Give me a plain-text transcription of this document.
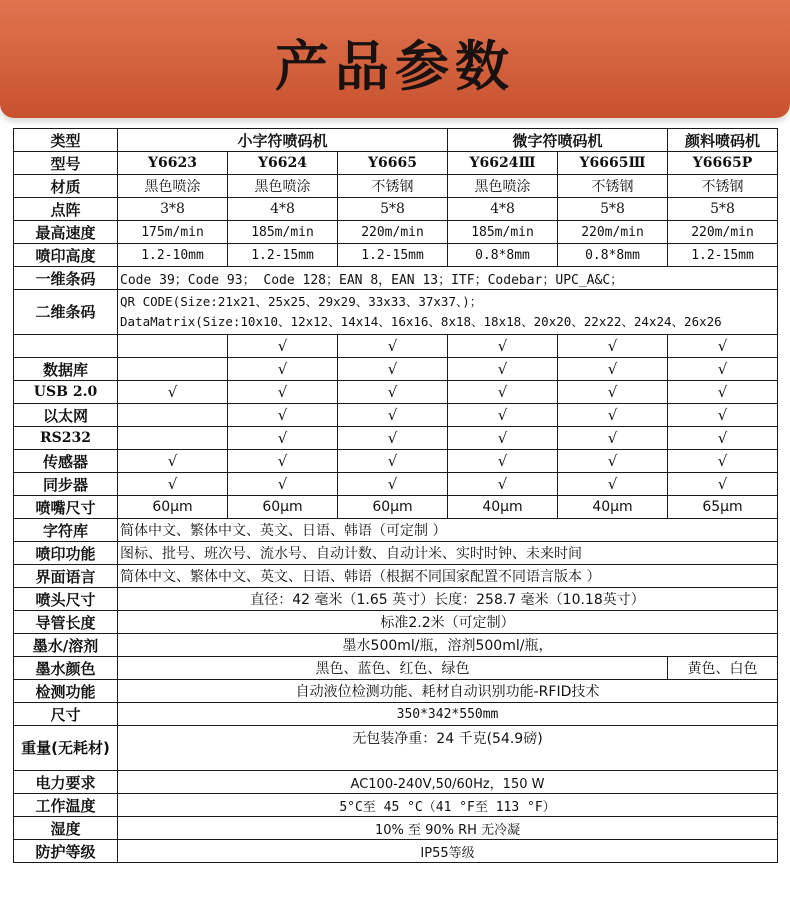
产品参数
类型	小字符喷码机			微字符喷码机		颜料喷码机
型号	Y6623	Y6624	Y6665	Y6624Ⅲ	Y6665Ⅲ	Y6665P
材质	黑色喷涂	黑色喷涂	不锈钢	黑色喷涂	不锈钢	不锈钢
点阵	3*8	4*8	5*8	4*8	5*8	5*8
最高速度	175m/min	185m/min	220m/min	185m/min	220m/min	220m/min
喷印高度	1.2-10mm	1.2-15mm	1.2-15mm	0.8*8mm	0.8*8mm	1.2-15mm
一维条码	Code 39；Code 93； Code 128；EAN 8，EAN 13；ITF；Codebar；UPC_A&C；					
二维条码	QR CODE(Size:21x21、25x25、29x29、33x33、37x37、)；
DataMatrix(Size:10x10、12x12、14x14、16x16、8x18、18x18、20x20、22x22、24x24、26x26					

		√	√	√	√	√
数据库		√	√	√	√	√
USB 2.0	√	√	√	√	√	√
以太网		√	√	√	√	√
RS232		√	√	√	√	√
传感器	√	√	√	√	√	√
同步器	√	√	√	√	√	√
喷嘴尺寸	60μm	60μm	60μm	40μm	40μm	65μm
字符库	简体中文、繁体中文、英文、日语、韩语（可定制 ）					
喷印功能	图标、批号、班次号、流水号、自动计数、自动计米、实时时钟、未来时间					
界面语言	简体中文、繁体中文、英文、日语、韩语（根据不同国家配置不同语言版本 ）					
喷头尺寸	直径：42 毫米（1.65 英寸）长度：258.7 毫米（10.18英寸）					
导管长度	标准2.2米（可定制）					
墨水/溶剂	墨水500ml/瓶，溶剂500ml/瓶，					
墨水颜色	黑色、蓝色、红色、绿色					黄色、白色
检测功能	自动液位检测功能、耗材自动识别功能-RFID技术					
尺寸	350*342*550mm					
重量(无耗材)	无包装净重：24 千克(54.9磅)					
电力要求	AC100-240V,50/60Hz，150 W					
工作温度	5°C至 45 °C（41 °F至 113 °F）					
湿度	10% 至 90% RH 无冷凝					
防护等级	IP55等级					
